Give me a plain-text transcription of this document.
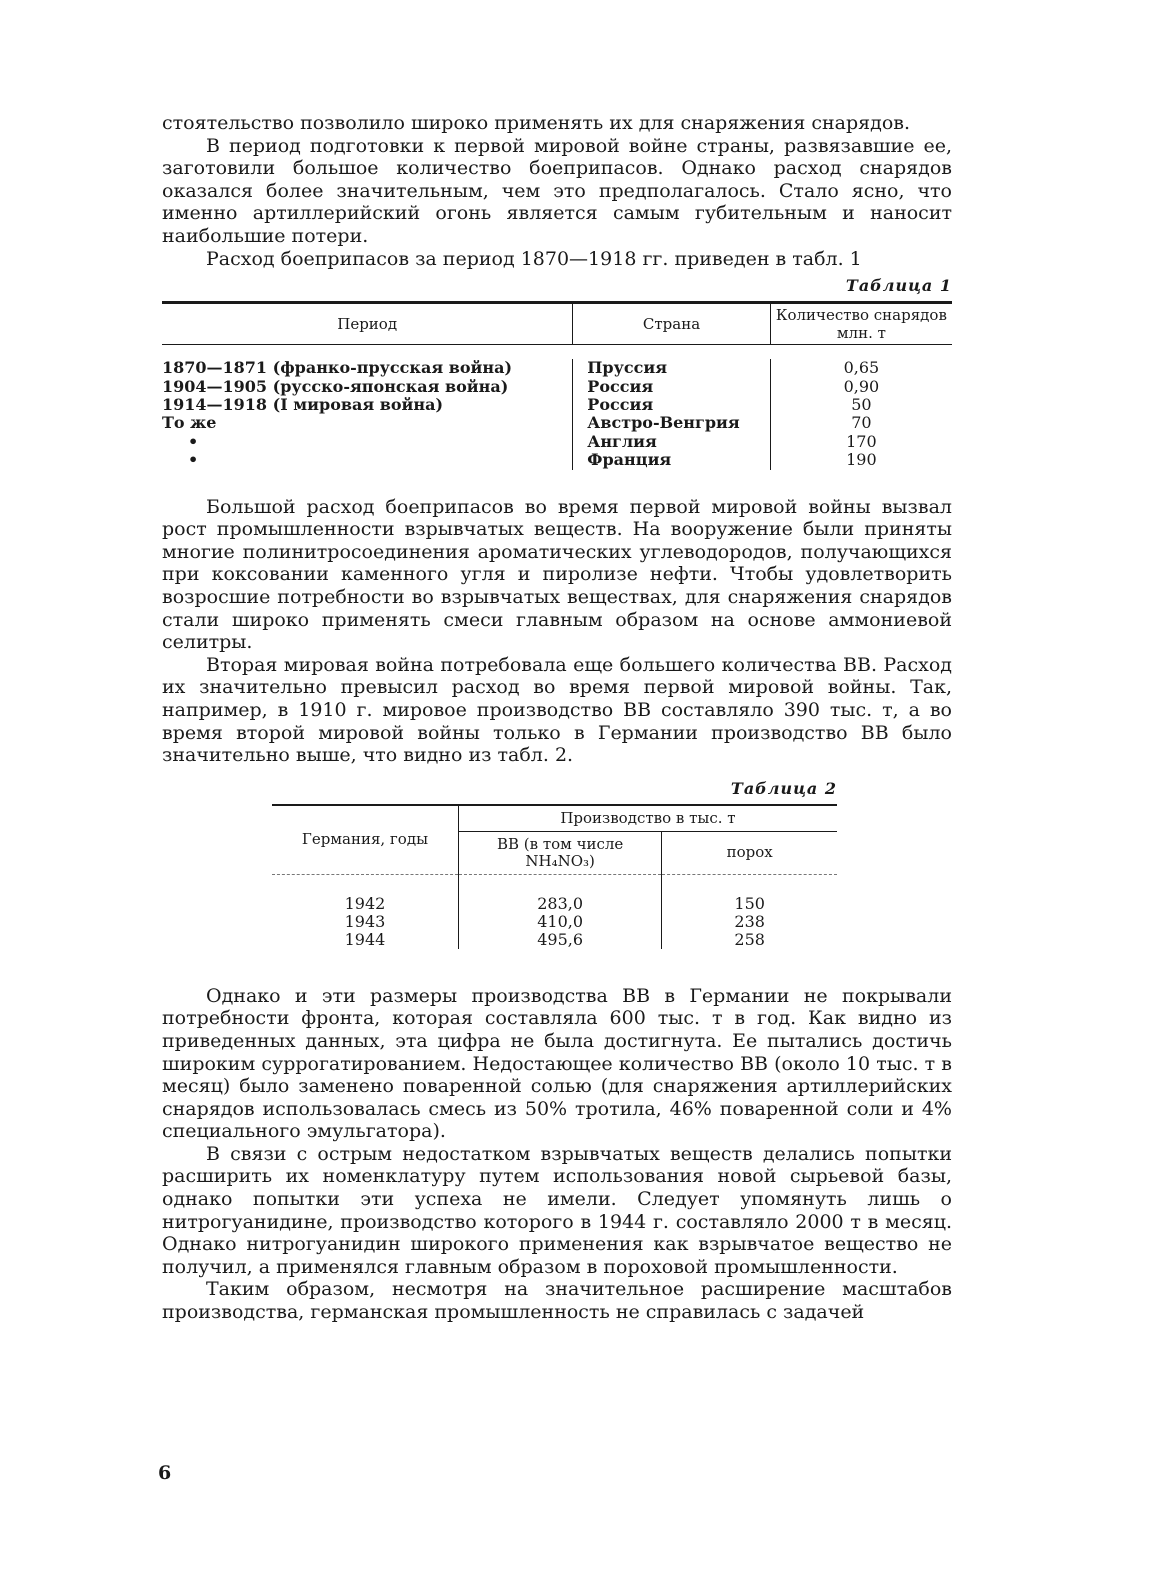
стоятельство позволило широко применять их для снаряжения снарядов.

В период подготовки к первой мировой войне страны, развязавшие ее, заготовили большое количество боеприпасов. Однако расход снарядов оказался более значительным, чем это предполагалось. Стало ясно, что именно артиллерийский огонь является самым губительным и наносит наибольшие потери.

Расход боеприпасов за период 1870—1918 гг. приведен в табл. 1

Таблица 1

Период	Страна	Количество снарядов млн. т

1870—1871 (франко-прусская война)	Пруссия	0,65
1904—1905 (русско-японская война)	Россия	0,90
1914—1918 (I мировая война)	Россия	50
То же	Австро-Венгрия	70
•	Англия	170
•	Франция	190

Большой расход боеприпасов во время первой мировой войны вызвал рост промышленности взрывчатых веществ. На вооружение были приняты многие полинитросоединения ароматических углеводородов, получающихся при коксовании каменного угля и пиролизе нефти. Чтобы удовлетворить возросшие потребности во взрывчатых веществах, для снаряжения снарядов стали широко применять смеси главным образом на основе аммониевой селитры.

Вторая мировая война потребовала еще большего количества ВВ. Расход их значительно превысил расход во время первой мировой войны. Так, например, в 1910 г. мировое производство ВВ составляло 390 тыс. т, а во время второй мировой войны только в Германии производство ВВ было значительно выше, что видно из табл. 2.

Таблица 2

Германия, годы	Производство в тыс. т	
	ВВ (в том числе NH₄NO₃)	порох

1942	283,0	150
1943	410,0	238
1944	495,6	258

Однако и эти размеры производства ВВ в Германии не покрывали потребности фронта, которая составляла 600 тыс. т в год. Как видно из приведенных данных, эта цифра не была достигнута. Ее пытались достичь широким суррогатированием. Недостающее количество ВВ (около 10 тыс. т в месяц) было заменено поваренной солью (для снаряжения артиллерийских снарядов использовалась смесь из 50% тротила, 46% поваренной соли и 4% специального эмульгатора).

В связи с острым недостатком взрывчатых веществ делались попытки расширить их номенклатуру путем использования новой сырьевой базы, однако попытки эти успеха не имели. Следует упомянуть лишь о нитрогуанидине, производство которого в 1944 г. составляло 2000 т в месяц. Однако нитрогуанидин широкого применения как взрывчатое вещество не получил, а применялся главным образом в пороховой промышленности.

Таким образом, несмотря на значительное расширение масштабов производства, германская промышленность не справилась с задачей

6
